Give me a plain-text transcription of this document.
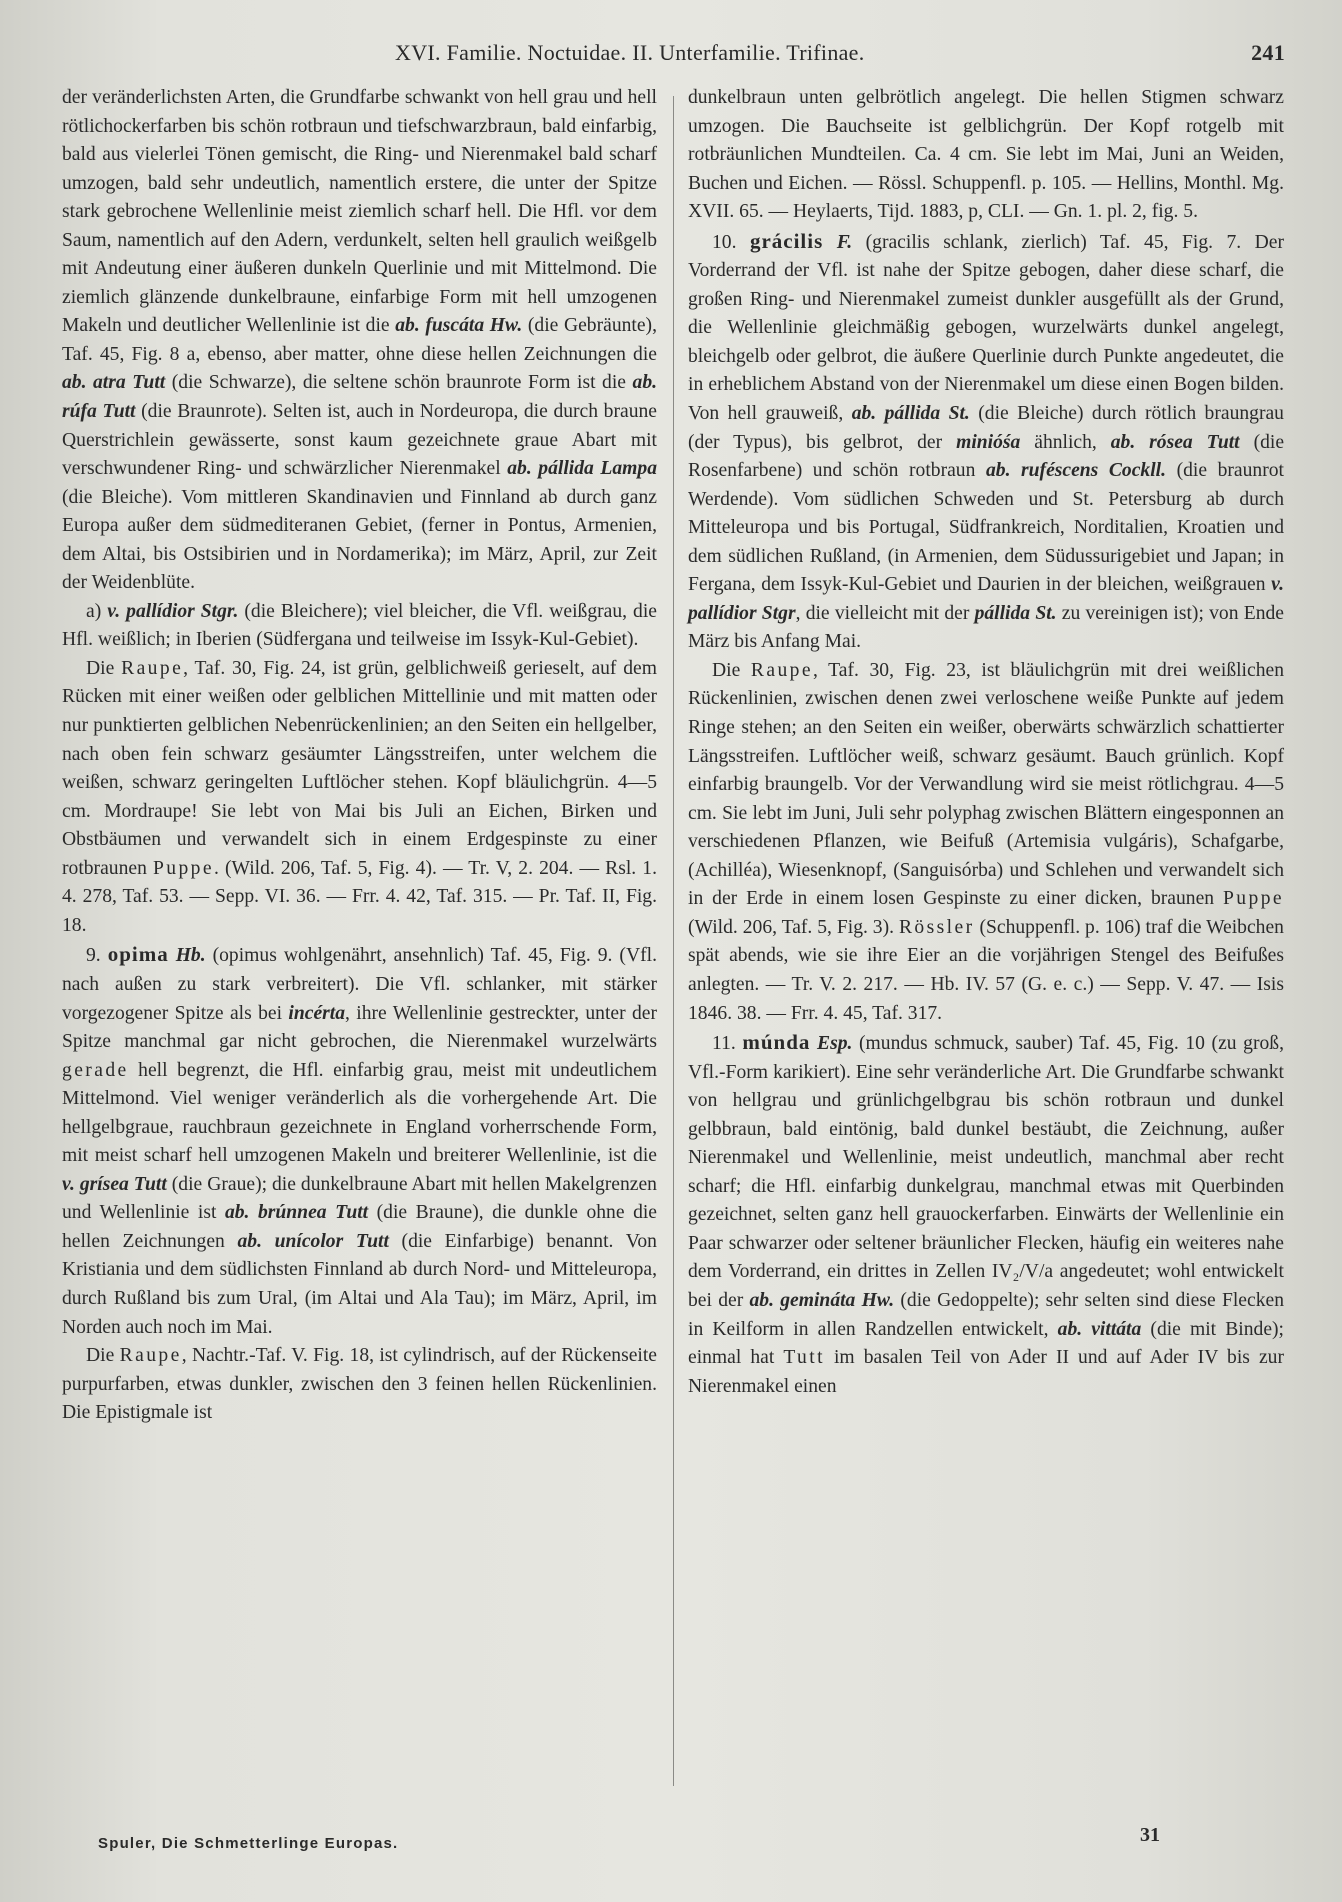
XVI. Familie. Noctuidae. II. Unterfamilie. Trifinae.	241

der veränderlichsten Arten, die Grundfarbe schwankt von hell grau und hell rötlichockerfarben bis schön rotbraun und tiefschwarzbraun, bald einfarbig, bald aus vielerlei Tönen gemischt, die Ring- und Nierenmakel bald scharf umzogen, bald sehr undeutlich, namentlich erstere, die unter der Spitze stark gebrochene Wellenlinie meist ziemlich scharf hell. Die Hfl. vor dem Saum, namentlich auf den Adern, verdunkelt, selten hell graulich weißgelb mit Andeutung einer äußeren dunkeln Querlinie und mit Mittelmond. Die ziemlich glänzende dunkelbraune, einfarbige Form mit hell umzogenen Makeln und deutlicher Wellenlinie ist die ab. fuscáta Hw. (die Gebräunte), Taf. 45, Fig. 8 a, ebenso, aber matter, ohne diese hellen Zeichnungen die ab. atra Tutt (die Schwarze), die seltene schön braunrote Form ist die ab. rúfa Tutt (die Braunrote). Selten ist, auch in Nordeuropa, die durch braune Querstrichlein gewässerte, sonst kaum gezeichnete graue Abart mit verschwundener Ring- und schwärzlicher Nierenmakel ab. pállida Lampa (die Bleiche). Vom mittleren Skandinavien und Finnland ab durch ganz Europa außer dem südmediteranen Gebiet, (ferner in Pontus, Armenien, dem Altai, bis Ostsibirien und in Nordamerika); im März, April, zur Zeit der Weidenblüte.

a) v. pallídior Stgr. (die Bleichere); viel bleicher, die Vfl. weißgrau, die Hfl. weißlich; in Iberien (Südfergana und teilweise im Issyk-Kul-Gebiet).

Die Raupe, Taf. 30, Fig. 24, ist grün, gelblichweiß gerieselt, auf dem Rücken mit einer weißen oder gelblichen Mittellinie und mit matten oder nur punktierten gelblichen Nebenrückenlinien; an den Seiten ein hellgelber, nach oben fein schwarz gesäumter Längsstreifen, unter welchem die weißen, schwarz geringelten Luftlöcher stehen. Kopf bläulichgrün. 4—5 cm. Mordraupe! Sie lebt von Mai bis Juli an Eichen, Birken und Obstbäumen und verwandelt sich in einem Erdgespinste zu einer rotbraunen Puppe. (Wild. 206, Taf. 5, Fig. 4). — Tr. V, 2. 204. — Rsl. 1. 4. 278, Taf. 53. — Sepp. VI. 36. — Frr. 4. 42, Taf. 315. — Pr. Taf. II, Fig. 18.

9. opima Hb. (opimus wohlgenährt, ansehnlich) Taf. 45, Fig. 9. (Vfl. nach außen zu stark verbreitert). Die Vfl. schlanker, mit stärker vorgezogener Spitze als bei incérta, ihre Wellenlinie gestreckter, unter der Spitze manchmal gar nicht gebrochen, die Nierenmakel wurzelwärts gerade hell begrenzt, die Hfl. einfarbig grau, meist mit undeutlichem Mittelmond. Viel weniger veränderlich als die vorhergehende Art. Die hellgelbgraue, rauchbraun gezeichnete in England vorherrschende Form, mit meist scharf hell umzogenen Makeln und breiterer Wellenlinie, ist die v. grísea Tutt (die Graue); die dunkelbraune Abart mit hellen Makelgrenzen und Wellenlinie ist ab. brúnnea Tutt (die Braune), die dunkle ohne die hellen Zeichnungen ab. unícolor Tutt (die Einfarbige) benannt. Von Kristiania und dem südlichsten Finnland ab durch Nord- und Mitteleuropa, durch Rußland bis zum Ural, (im Altai und Ala Tau); im März, April, im Norden auch noch im Mai.

Die Raupe, Nachtr.-Taf. V. Fig. 18, ist cylindrisch, auf der Rückenseite purpurfarben, etwas dunkler, zwischen den 3 feinen hellen Rückenlinien. Die Epistigmale ist

dunkelbraun unten gelbrötlich angelegt. Die hellen Stigmen schwarz umzogen. Die Bauchseite ist gelblichgrün. Der Kopf rotgelb mit rotbräunlichen Mundteilen. Ca. 4 cm. Sie lebt im Mai, Juni an Weiden, Buchen und Eichen. — Rössl. Schuppenfl. p. 105. — Hellins, Monthl. Mg. XVII. 65. — Heylaerts, Tijd. 1883, p, CLI. — Gn. 1. pl. 2, fig. 5.

10. grácilis F. (gracilis schlank, zierlich) Taf. 45, Fig. 7. Der Vorderrand der Vfl. ist nahe der Spitze gebogen, daher diese scharf, die großen Ring- und Nierenmakel zumeist dunkler ausgefüllt als der Grund, die Wellenlinie gleichmäßig gebogen, wurzelwärts dunkel angelegt, bleichgelb oder gelbrot, die äußere Querlinie durch Punkte angedeutet, die in erheblichem Abstand von der Nierenmakel um diese einen Bogen bilden. Von hell grauweiß, ab. pállida St. (die Bleiche) durch rötlich braungrau (der Typus), bis gelbrot, der minióśa ähnlich, ab. rósea Tutt (die Rosenfarbene) und schön rotbraun ab. ruféscens Cockll. (die braunrot Werdende). Vom südlichen Schweden und St. Petersburg ab durch Mitteleuropa und bis Portugal, Südfrankreich, Norditalien, Kroatien und dem südlichen Rußland, (in Armenien, dem Südussurigebiet und Japan; in Fergana, dem Issyk-Kul-Gebiet und Daurien in der bleichen, weißgrauen v. pallídior Stgr, die vielleicht mit der pállida St. zu vereinigen ist); von Ende März bis Anfang Mai.

Die Raupe, Taf. 30, Fig. 23, ist bläulichgrün mit drei weißlichen Rückenlinien, zwischen denen zwei verloschene weiße Punkte auf jedem Ringe stehen; an den Seiten ein weißer, oberwärts schwärzlich schattierter Längsstreifen. Luftlöcher weiß, schwarz gesäumt. Bauch grünlich. Kopf einfarbig braungelb. Vor der Verwandlung wird sie meist rötlichgrau. 4—5 cm. Sie lebt im Juni, Juli sehr polyphag zwischen Blättern eingesponnen an verschiedenen Pflanzen, wie Beifuß (Artemisia vulgáris), Schafgarbe, (Achilléa), Wiesenknopf, (Sanguisórba) und Schlehen und verwandelt sich in der Erde in einem losen Gespinste zu einer dicken, braunen Puppe (Wild. 206, Taf. 5, Fig. 3). Rössler (Schuppenfl. p. 106) traf die Weibchen spät abends, wie sie ihre Eier an die vorjährigen Stengel des Beifußes anlegten. — Tr. V. 2. 217. — Hb. IV. 57 (G. e. c.) — Sepp. V. 47. — Isis 1846. 38. — Frr. 4. 45, Taf. 317.

11. múnda Esp. (mundus schmuck, sauber) Taf. 45, Fig. 10 (zu groß, Vfl.-Form karikiert). Eine sehr veränderliche Art. Die Grundfarbe schwankt von hellgrau und grünlichgelbgrau bis schön rotbraun und dunkel gelbbraun, bald eintönig, bald dunkel bestäubt, die Zeichnung, außer Nierenmakel und Wellenlinie, meist undeutlich, manchmal aber recht scharf; die Hfl. einfarbig dunkelgrau, manchmal etwas mit Querbinden gezeichnet, selten ganz hell grauockerfarben. Einwärts der Wellenlinie ein Paar schwarzer oder seltener bräunlicher Flecken, häufig ein weiteres nahe dem Vorderrand, ein drittes in Zellen IV₂/V/a angedeutet; wohl entwickelt bei der ab. gemináta Hw. (die Gedoppelte); sehr selten sind diese Flecken in Keilform in allen Randzellen entwickelt, ab. vittáta (die mit Binde); einmal hat Tutt im basalen Teil von Ader II und auf Ader IV bis zur Nierenmakel einen

Spuler, Die Schmetterlinge Europas.	31
